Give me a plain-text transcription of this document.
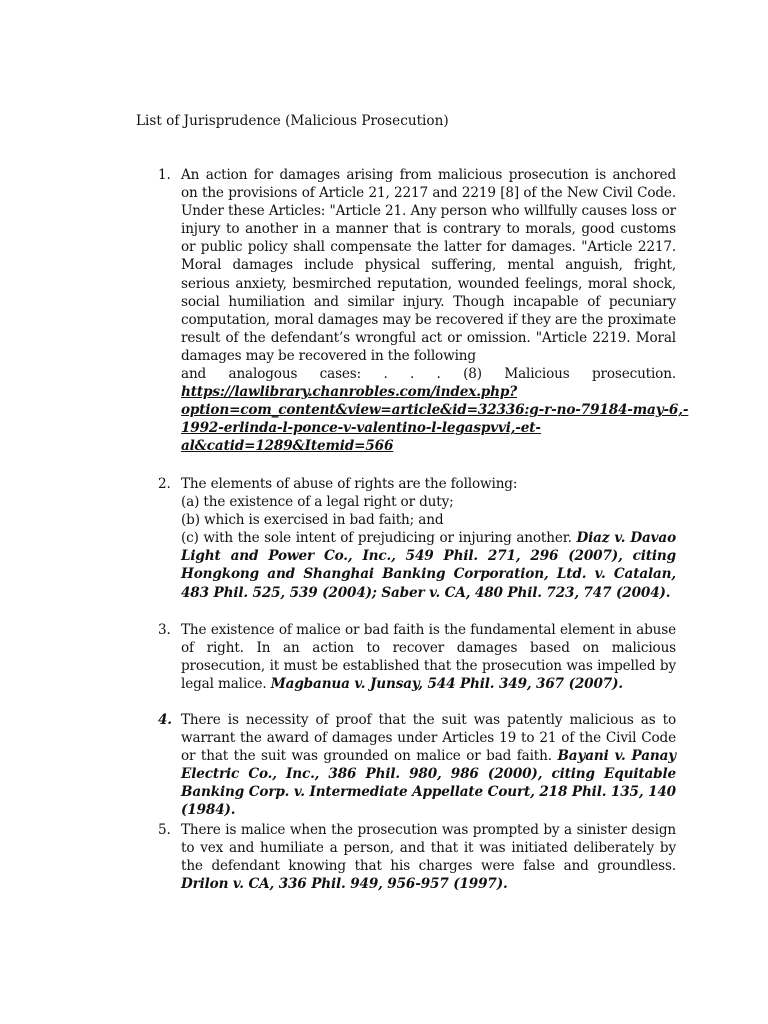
List of Jurisprudence (Malicious Prosecution)
1. An action for damages arising from malicious prosecution is anchored on the provisions of Article 21, 2217 and 2219 [8] of the New Civil Code. Under these Articles: "Article 21. Any person who willfully causes loss or injury to another in a manner that is contrary to morals, good customs or public policy shall compensate the latter for damages. "Article 2217. Moral damages include physical suffering, mental anguish, fright, serious anxiety, besmirched reputation, wounded feelings, moral shock, social humiliation and similar injury. Though incapable of pecuniary computation, moral damages may be recovered if they are the proximate result of the defendant’s wrongful act or omission. "Article 2219. Moral damages may be recovered in the following

and analogous cases: . . . (8) Malicious prosecution.

https://lawlibrary.chanrobles.com/index.php?
option=com_content&view=article&id=32336:g-r-no-79184-may-6,-
1992-erlinda-l-ponce-v-valentino-l-legaspvvi,-et-
al&catid=1289&Itemid=566
2. The elements of abuse of rights are the following:
(a) the existence of a legal right or duty;
(b) which is exercised in bad faith; and

(c) with the sole intent of prejudicing or injuring another. Diaz v. Davao Light and Power Co., Inc., 549 Phil. 271, 296 (2007), citing Hongkong and Shanghai Banking Corporation, Ltd. v. Catalan, 483 Phil. 525, 539 (2004); Saber v. CA, 480 Phil. 723, 747 (2004).

3. The existence of malice or bad faith is the fundamental element in abuse of right. In an action to recover damages based on malicious prosecution, it must be established that the prosecution was impelled by legal malice. Magbanua v. Junsay, 544 Phil. 349, 367 (2007).

4. There is necessity of proof that the suit was patently malicious as to warrant the award of damages under Articles 19 to 21 of the Civil Code or that the suit was grounded on malice or bad faith. Bayani v. Panay Electric Co., Inc., 386 Phil. 980, 986 (2000), citing Equitable Banking Corp. v. Intermediate Appellate Court, 218 Phil. 135, 140 (1984).

5. There is malice when the prosecution was prompted by a sinister design to vex and humiliate a person, and that it was initiated deliberately by the defendant knowing that his charges were false and groundless. Drilon v. CA, 336 Phil. 949, 956-957 (1997).
